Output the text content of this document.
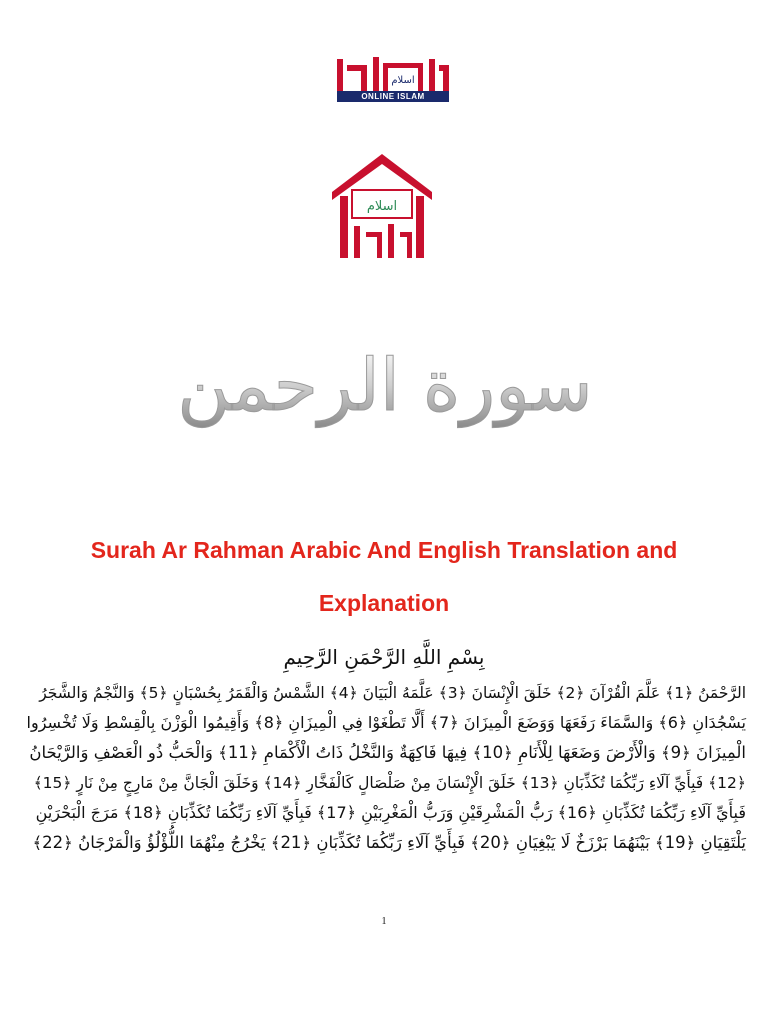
اسلام
ONLINE ISLAM
اسلام
سورة الرحمن
Surah Ar Rahman Arabic And English Translation and
Explanation
بِسْمِ اللَّهِ الرَّحْمَنِ الرَّحِيمِ
الرَّحْمَنُ ﴿1﴾ عَلَّمَ الْقُرْآنَ ﴿2﴾ خَلَقَ الْإِنْسَانَ ﴿3﴾ عَلَّمَهُ الْبَيَانَ ﴿4﴾ الشَّمْسُ وَالْقَمَرُ بِحُسْبَانٍ ﴿5﴾ وَالنَّجْمُ وَالشَّجَرُ
يَسْجُدَانِ ﴿6﴾ وَالسَّمَاءَ رَفَعَهَا وَوَضَعَ الْمِيزَانَ ﴿7﴾ أَلَّا تَطْغَوْا فِي الْمِيزَانِ ﴿8﴾ وَأَقِيمُوا الْوَزْنَ بِالْقِسْطِ وَلَا تُخْسِرُوا
الْمِيزَانَ ﴿9﴾ وَالْأَرْضَ وَضَعَهَا لِلْأَنَامِ ﴿10﴾ فِيهَا فَاكِهَةٌ وَالنَّخْلُ ذَاتُ الْأَكْمَامِ ﴿11﴾ وَالْحَبُّ ذُو الْعَصْفِ وَالرَّيْحَانُ
﴿12﴾ فَبِأَيِّ آلَاءِ رَبِّكُمَا تُكَذِّبَانِ ﴿13﴾ خَلَقَ الْإِنْسَانَ مِنْ صَلْصَالٍ كَالْفَخَّارِ ﴿14﴾ وَخَلَقَ الْجَانَّ مِنْ مَارِجٍ مِنْ نَارٍ ﴿15﴾
فَبِأَيِّ آلَاءِ رَبِّكُمَا تُكَذِّبَانِ ﴿16﴾ رَبُّ الْمَشْرِقَيْنِ وَرَبُّ الْمَغْرِبَيْنِ ﴿17﴾ فَبِأَيِّ آلَاءِ رَبِّكُمَا تُكَذِّبَانِ ﴿18﴾ مَرَجَ الْبَحْرَيْنِ
يَلْتَقِيَانِ ﴿19﴾ بَيْنَهُمَا بَرْزَخٌ لَا يَبْغِيَانِ ﴿20﴾ فَبِأَيِّ آلَاءِ رَبِّكُمَا تُكَذِّبَانِ ﴿21﴾ يَخْرُجُ مِنْهُمَا اللُّؤْلُؤُ وَالْمَرْجَانُ ﴿22﴾
1
